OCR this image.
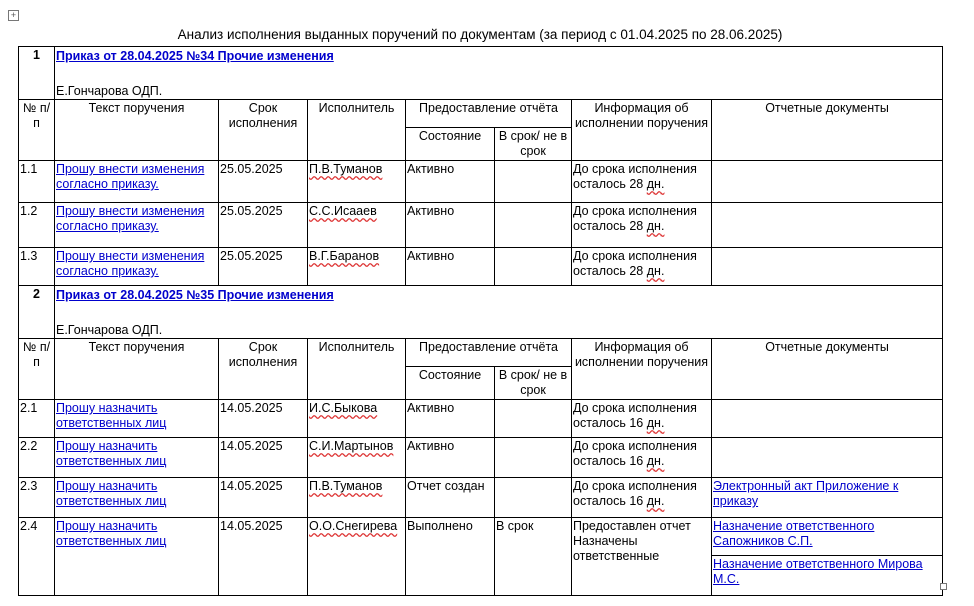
+
Анализ исполнения выданных поручений по документам (за период с 01.04.2025 по 28.06.2025)
1	Приказ от 28.04.2025 №34 Прочие изменения
Е.Гончарова ОДП.						

№ п/п	Текст поручения	Срок исполнения	Исполнитель	Предоставление отчёта		Информация об исполнении поручения	Отчетные документы
				Состояние	В срок/ не в срок		
1.1	Прошу внести изменения согласно приказу.	25.05.2025	П.В.Туманов	Активно		До срока исполнения
осталось 28 дн.	
1.2	Прошу внести изменения согласно приказу.	25.05.2025	С.С.Исааев	Активно		До срока исполнения
осталось 28 дн.	
1.3	Прошу внести изменения согласно приказу.	25.05.2025	В.Г.Баранов	Активно		До срока исполнения
осталось 28 дн.	
2	Приказ от 28.04.2025 №35 Прочие изменения
Е.Гончарова ОДП.						

№ п/п	Текст поручения	Срок исполнения	Исполнитель	Предоставление отчёта		Информация об исполнении поручения	Отчетные документы
				Состояние	В срок/ не в срок		
2.1	Прошу назначить ответственных лиц	14.05.2025	И.С.Быкова	Активно		До срока исполнения
осталось 16 дн.	
2.2	Прошу назначить ответственных лиц	14.05.2025	С.И.Мартынов	Активно		До срока исполнения
осталось 16 дн.	
2.3	Прошу назначить ответственных лиц	14.05.2025	П.В.Туманов	Отчет создан		До срока исполнения
осталось 16 дн.	Электронный акт Приложение к приказу
2.4	Прошу назначить ответственных лиц	14.05.2025	О.О.Снегирева	Выполнено	В срок	Предоставлен отчет Назначены ответственные	Назначение ответственного Сапожников С.П.
Назначение ответственного Мирова М.С.
